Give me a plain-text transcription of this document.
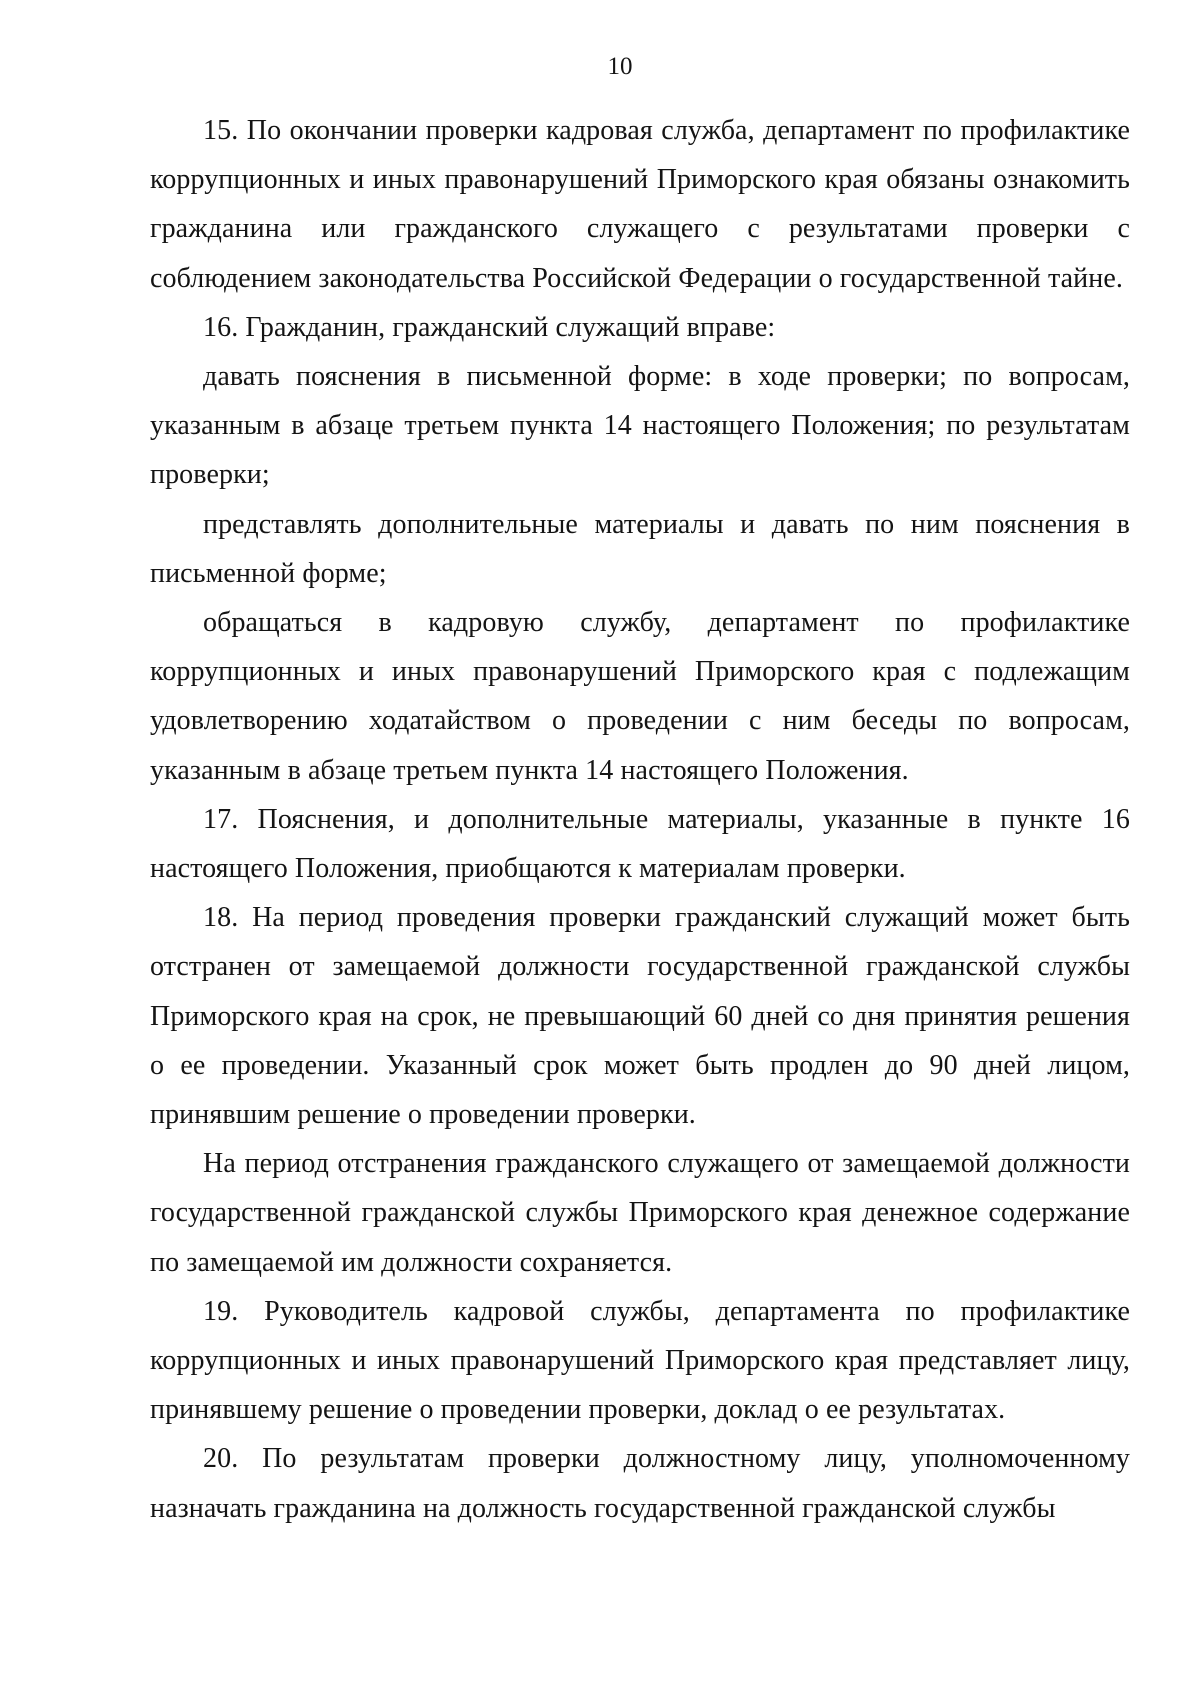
10

15. По окончании проверки кадровая служба, департамент по профилактике коррупционных и иных правонарушений Приморского края обязаны ознакомить гражданина или гражданского служащего с результатами проверки с соблюдением законодательства Российской Федерации о государственной тайне.

16. Гражданин, гражданский служащий вправе:

давать пояснения в письменной форме: в ходе проверки; по вопросам, указанным в абзаце третьем пункта 14 настоящего Положения; по результатам проверки;

представлять дополнительные материалы и давать по ним пояснения в письменной форме;

обращаться в кадровую службу, департамент по профилактике коррупционных и иных правонарушений Приморского края с подлежащим удовлетворению ходатайством о проведении с ним беседы по вопросам, указанным в абзаце третьем пункта 14 настоящего Положения.

17. Пояснения, и дополнительные материалы, указанные в пункте 16 настоящего Положения, приобщаются к материалам проверки.

18. На период проведения проверки гражданский служащий может быть отстранен от замещаемой должности государственной гражданской службы Приморского края на срок, не превышающий 60 дней со дня принятия решения о ее проведении. Указанный срок может быть продлен до 90 дней лицом, принявшим решение о проведении проверки.

На период отстранения гражданского служащего от замещаемой должности государственной гражданской службы Приморского края денежное содержание по замещаемой им должности сохраняется.

19. Руководитель кадровой службы, департамента по профилактике коррупционных и иных правонарушений Приморского края представляет лицу, принявшему решение о проведении проверки, доклад о ее результатах.

20. По результатам проверки должностному лицу, уполномоченному назначать гражданина на должность государственной гражданской службы
